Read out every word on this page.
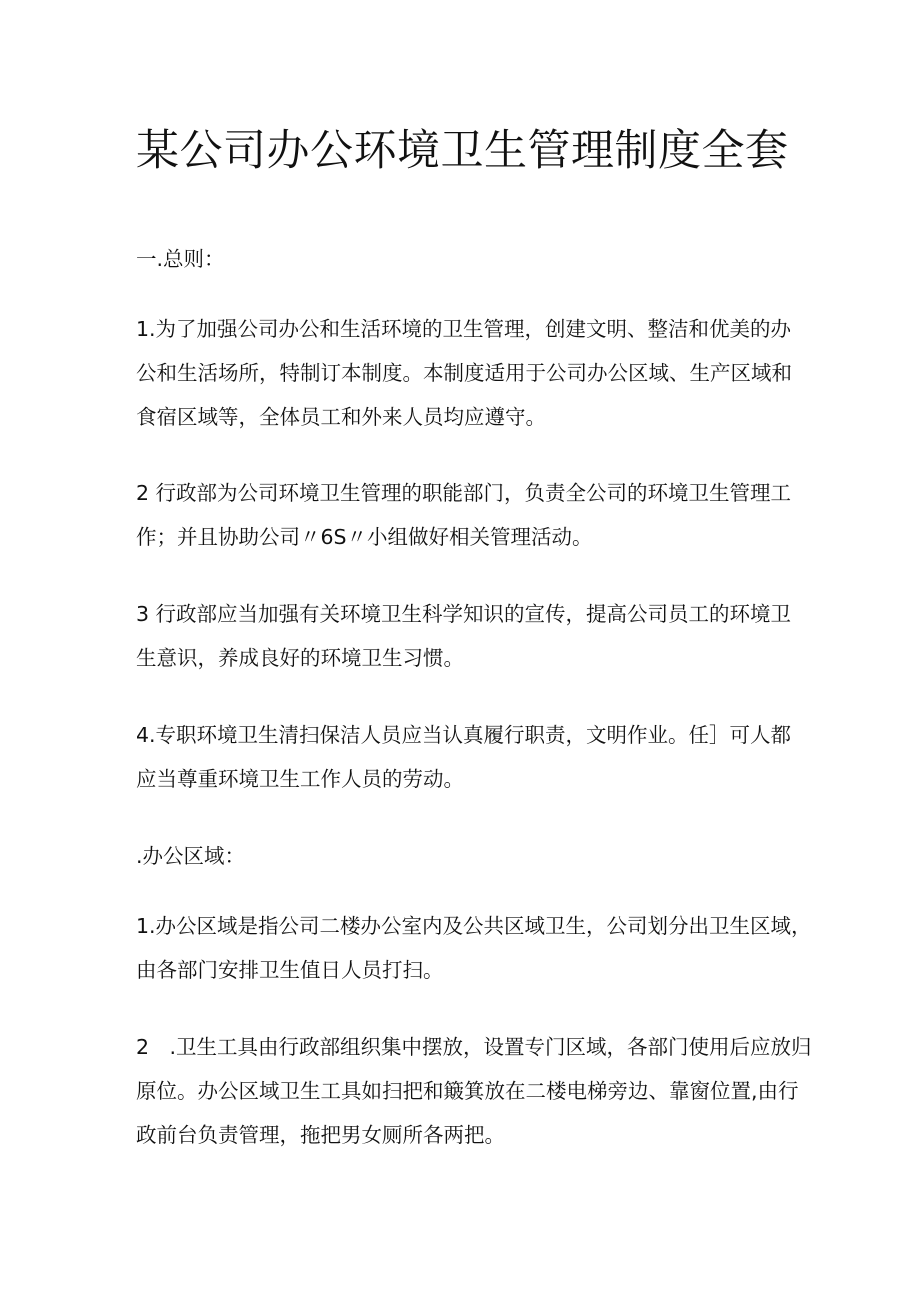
某公司办公环境卫生管理制度全套

一.总则：

1.为了加强公司办公和生活环境的卫生管理，创建文明、整洁和优美的办
公和生活场所，特制订本制度。本制度适用于公司办公区域、生产区域和
食宿区域等，全体员工和外来人员均应遵守。

2 行政部为公司环境卫生管理的职能部门，负责全公司的环境卫生管理工
作；并且协助公司〃6S〃小组做好相关管理活动。

3 行政部应当加强有关环境卫生科学知识的宣传，提高公司员工的环境卫
生意识，养成良好的环境卫生习惯。

4.专职环境卫生清扫保洁人员应当认真履行职责，文明作业。任］可人都
应当尊重环境卫生工作人员的劳动。

.办公区域：

1.办公区域是指公司二楼办公室内及公共区域卫生，公司划分出卫生区域，
由各部门安排卫生值日人员打扫。

2　.卫生工具由行政部组织集中摆放，设置专门区域，各部门使用后应放归
原位。办公区域卫生工具如扫把和簸箕放在二楼电梯旁边、靠窗位置,由行
政前台负责管理，拖把男女厕所各两把。
